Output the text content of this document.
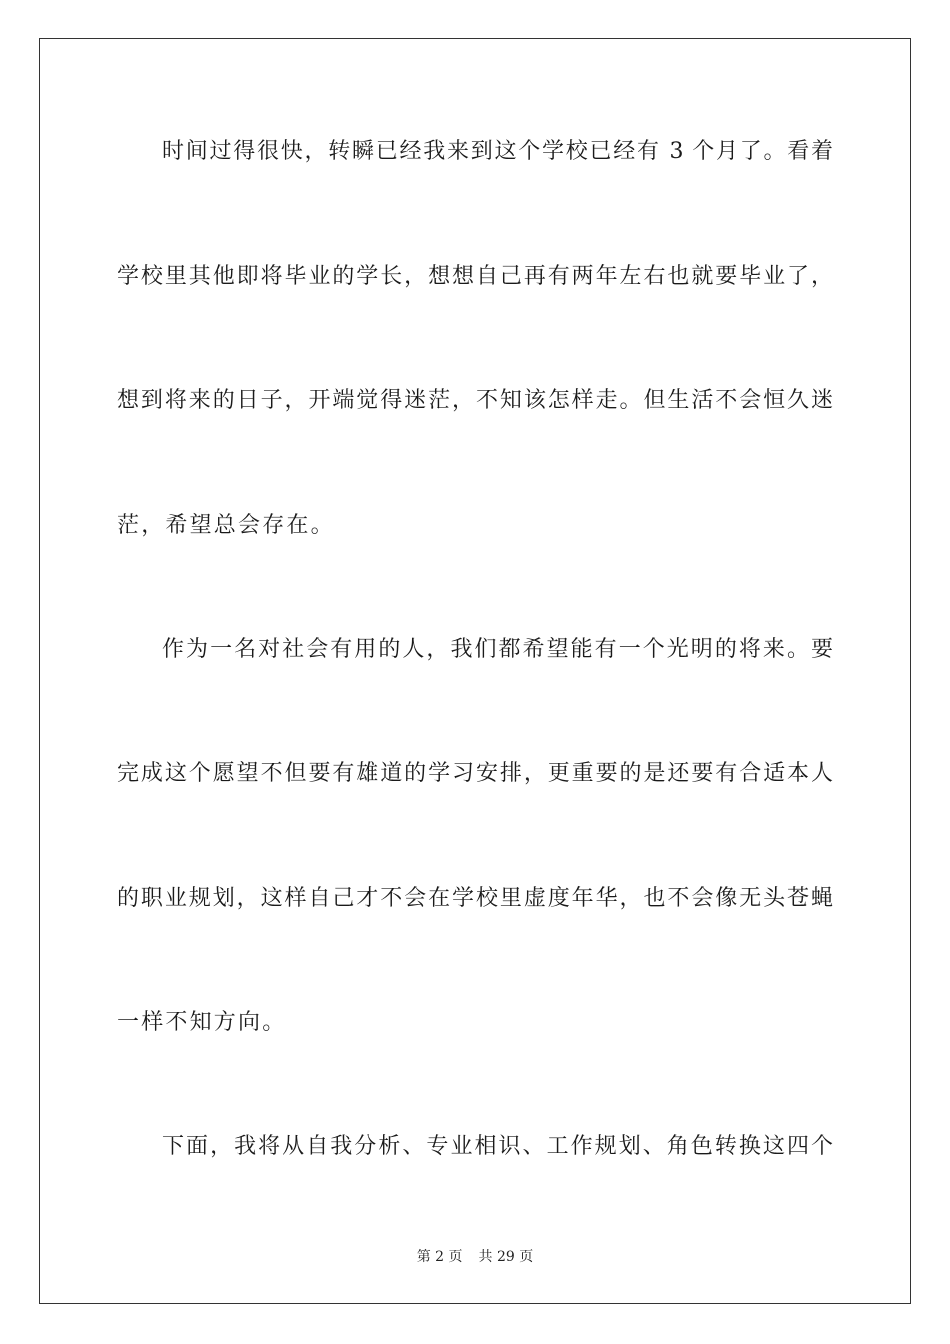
时间过得很快，转瞬已经我来到这个学校已经有 3 个月了。看着
学校里其他即将毕业的学长，想想自己再有两年左右也就要毕业了，
想到将来的日子，开端觉得迷茫，不知该怎样走。但生活不会恒久迷
茫，希望总会存在。
作为一名对社会有用的人，我们都希望能有一个光明的将来。要
完成这个愿望不但要有雄道的学习安排，更重要的是还要有合适本人
的职业规划，这样自己才不会在学校里虚度年华，也不会像无头苍蝇
一样不知方向。
下面，我将从自我分析、专业相识、工作规划、角色转换这四个
第 2 页 共 29 页
